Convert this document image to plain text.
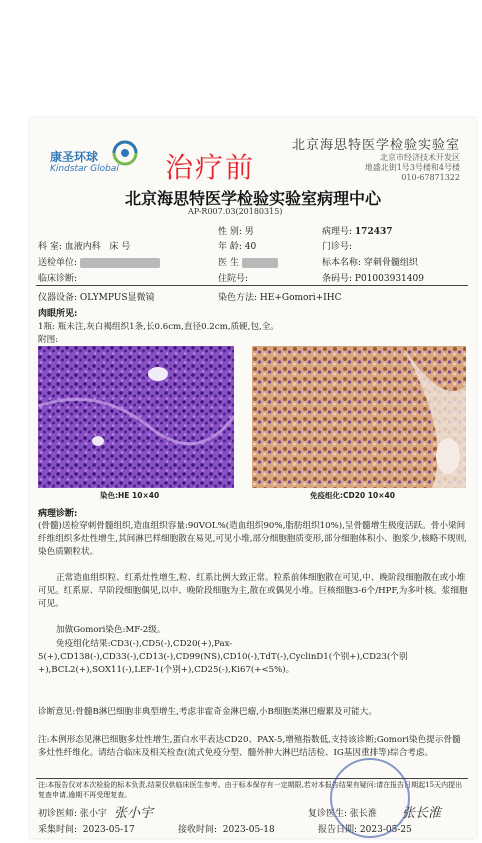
康圣环球
Kindstar Global 治疗前
北京海思特医学检验实验室
北京市经济技术开发区
地盛北街1号3号楼和4号楼
010-67871322
北京海思特医学检验实验室病理中心
AP-R007.03(20180315)
性 别: 男	病理号: 172437
科 室: 血液内科 床 号	年 龄: 40	门诊号:
送检单位:	医 生	标本名称: 穿刺骨髓组织
临床诊断:	住院号:	条码号: P01003931409
仪器设备: OLYMPUS显微镜	染色方法: HE+Gomori+IHC
肉眼所见:
1瓶: 瓶未注,灰白褐组织1条,长0.6cm,直径0.2cm,质硬,包,全。
附图:
染色:HE 10×40	免疫组化:CD20 10×40
病理诊断:
(骨髓)送检穿刺骨髓组织,造血组织容量:90VOL%(造血组织90%,脂肪组织10%),呈骨髓增生极度活跃。骨小梁间纤维组织多灶性增生,其间淋巴样细胞散在易见,可见小堆,部分细胞胞质变形,部分细胞体积小、胞浆少,核略不规则,染色质颗粒状。
正常造血组织粒、红系灶性增生,粒、红系比例大致正常。粒系前体细胞散在可见,中、晚阶段细胞散在或小堆可见。红系原、早阶段细胞偶见,以中、晚阶段细胞为主,散在或偶见小堆。巨核细胞3-6个/HPF,为多叶核。浆细胞可见。
加做Gomori染色:MF-2级。
免疫组化结果:CD3(-),CD5(-),CD20(+),Pax-5(+),CD138(-),CD33(-),CD13(-),CD99(NS),CD10(-),TdT(-),CyclinD1(个别+),CD23(个别+),BCL2(+),SOX11(-),LEF-1(个别+),CD25(-),Ki67(+<5%)。
诊断意见:骨髓B淋巴细胞非典型增生,考虑非霍奇金淋巴瘤,小B细胞类淋巴瘤累及可能大。
注:本例形态见淋巴细胞多灶性增生,蛋白水平表达CD20、PAX-5,增殖指数低,支持该诊断;Gomori染色提示骨髓多灶性纤维化。请结合临床及相关检查(流式免疫分型、髓外肿大淋巴结活检、IG基因重排等)综合考虑。
注:本报告仅对本次检验的标本负责,结果仅供临床医生参考。由于标本保存有一定期限,若对本报告结果有疑问:请在报告日期起15天内提出复查申请,逾期不再受理复查。
初诊医师: 张小宇 张小宇	复诊医生: 张长淮 张长淮
采集时间: 2023-05-17	接收时间: 2023-05-18	报告日期: 2023-05-25
